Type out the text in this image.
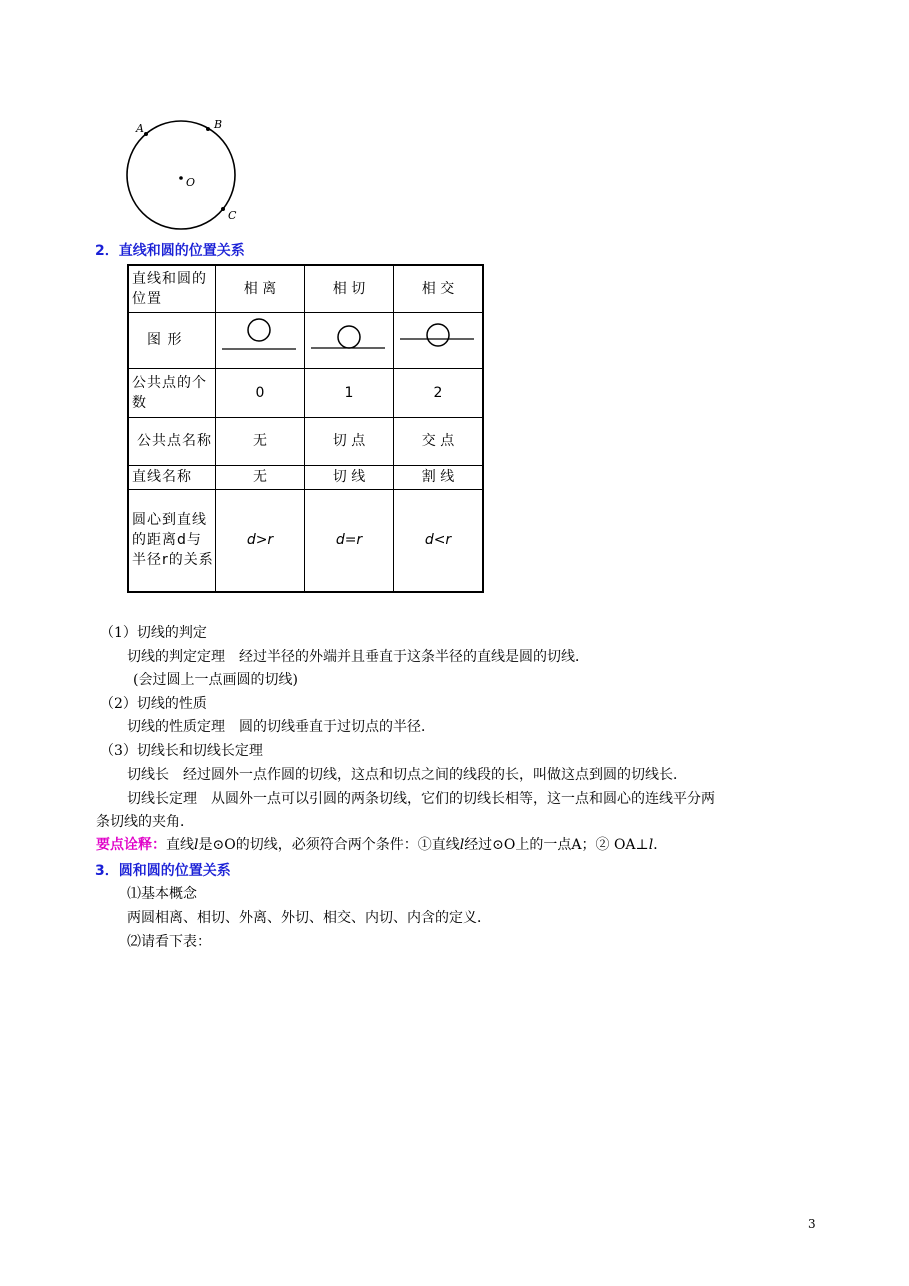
A	B
C
O
2．直线和圆的位置关系
直线和圆的位置	相 离	相 切	相 交
图 形			
公共点的个数	0	1	2
公共点名称	无	切 点	交 点
直线名称	无	切 线	割 线
圆心到直线的距离d与半径r的关系	d>r	d=r	d<r
（1）切线的判定
切线的判定定理　经过半径的外端并且垂直于这条半径的直线是圆的切线．
(会过圆上一点画圆的切线)
（2）切线的性质
切线的性质定理　圆的切线垂直于过切点的半径．
（3）切线长和切线长定理
切线长　经过圆外一点作圆的切线，这点和切点之间的线段的长，叫做这点到圆的切线长．
切线长定理　从圆外一点可以引圆的两条切线，它们的切线长相等，这一点和圆心的连线平分两
条切线的夹角．
要点诠释：直线l是⊙O的切线，必须符合两个条件：①直线l经过⊙O上的一点A；② OA⊥l．
3．圆和圆的位置关系
⑴基本概念
两圆相离、相切、外离、外切、相交、内切、内含的定义．
⑵请看下表：
3
